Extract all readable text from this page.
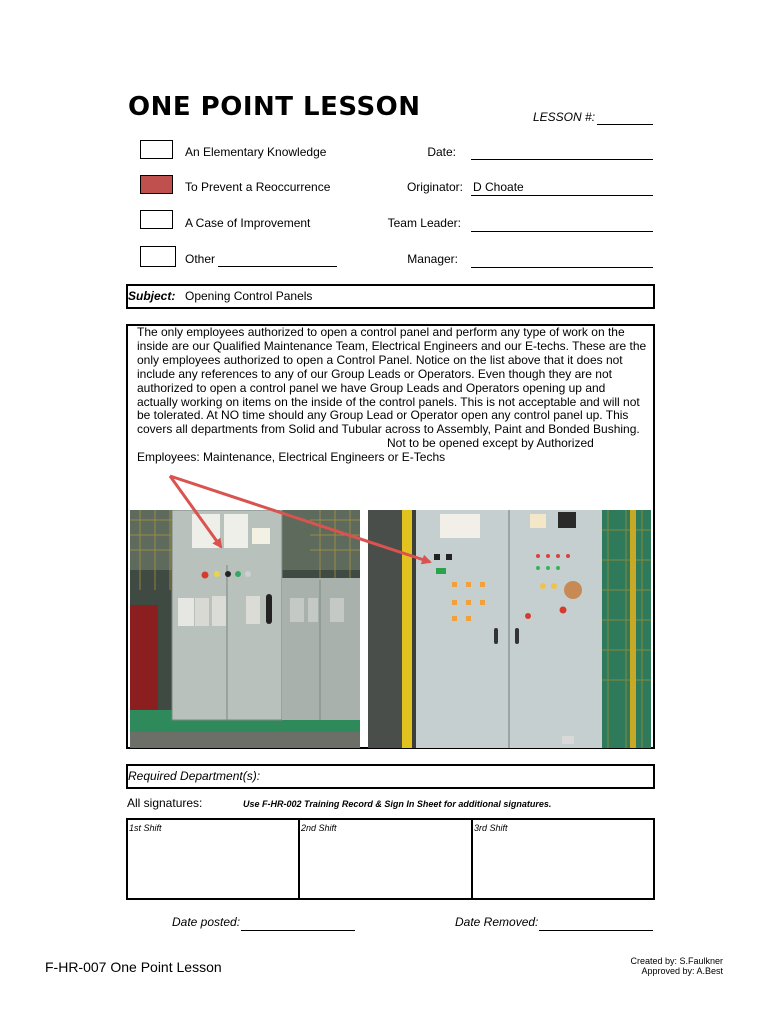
ONE POINT LESSON	LESSON #:
An Elementary Knowledge
To Prevent a Reoccurrence
A Case of Improvement
Other
Date:
Originator: D Choate
Team Leader:
Manager:
Subject: Opening Control Panels

The only employees authorized to open a control panel and perform any type of work on the inside are our Qualified Maintenance Team, Electrical Engineers and our E-techs. These are the only employees authorized to open a Control Panel. Notice on the list above that it does not include any references to any of our Group Leads or Operators. Even though they are not authorized to open a control panel we have Group Leads and Operators opening up and actually working on items on the inside of the control panels. This is not acceptable and will not be tolerated. At NO time should any Group Lead or Operator open any control panel up. This covers all departments from Solid and Tubular across to Assembly, Paint and Bonded Bushing.

Not to be opened except by Authorized

Employees: Maintenance, Electrical Engineers or E-Techs

Required Department(s):
All signatures:	Use F-HR-002 Training Record & Sign In Sheet for additional signatures.
1st Shift	2nd Shift	3rd Shift
Date posted:	Date Removed:
F-HR-007 One Point Lesson	Created by: S.Faulkner
Approved by: A.Best
